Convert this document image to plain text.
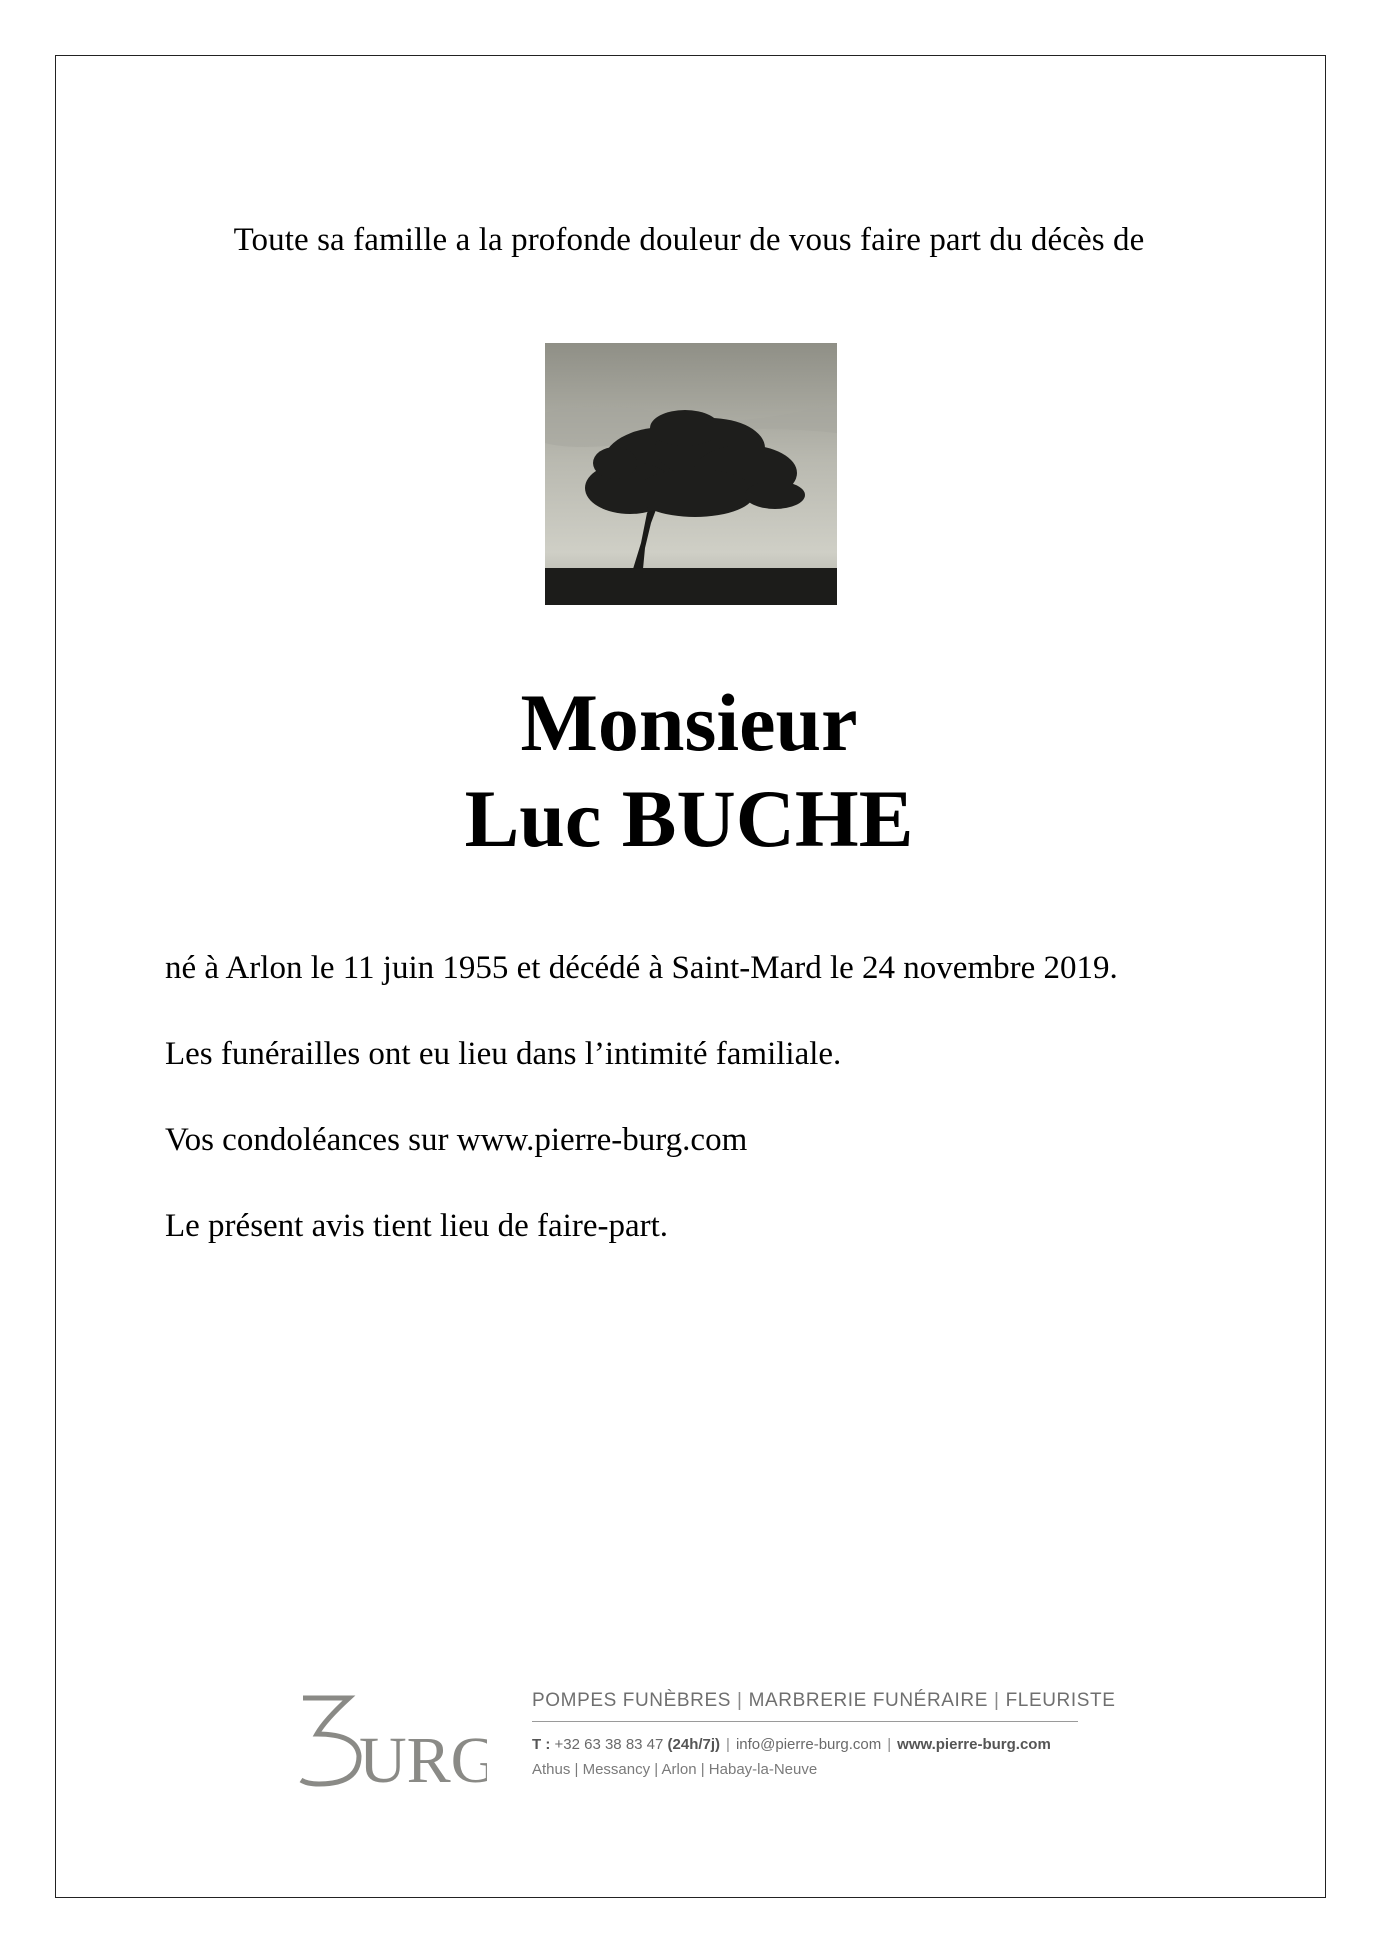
Toute sa famille a la profonde douleur de vous faire part du décès de
Monsieur
Luc BUCHE
né à Arlon le 11 juin 1955 et décédé à Saint-Mard le 24 novembre 2019.
Les funérailles ont eu lieu dans l’intimité familiale.
Vos condoléances sur www.pierre-burg.com
Le présent avis tient lieu de faire-part.
URG
POMPES FUNÈBRES | MARBRERIE FUNÉRAIRE | FLEURISTE
T : +32 63 38 83 47 (24h/7j) | info@pierre-burg.com | www.pierre-burg.com
Athus | Messancy | Arlon | Habay-la-Neuve
